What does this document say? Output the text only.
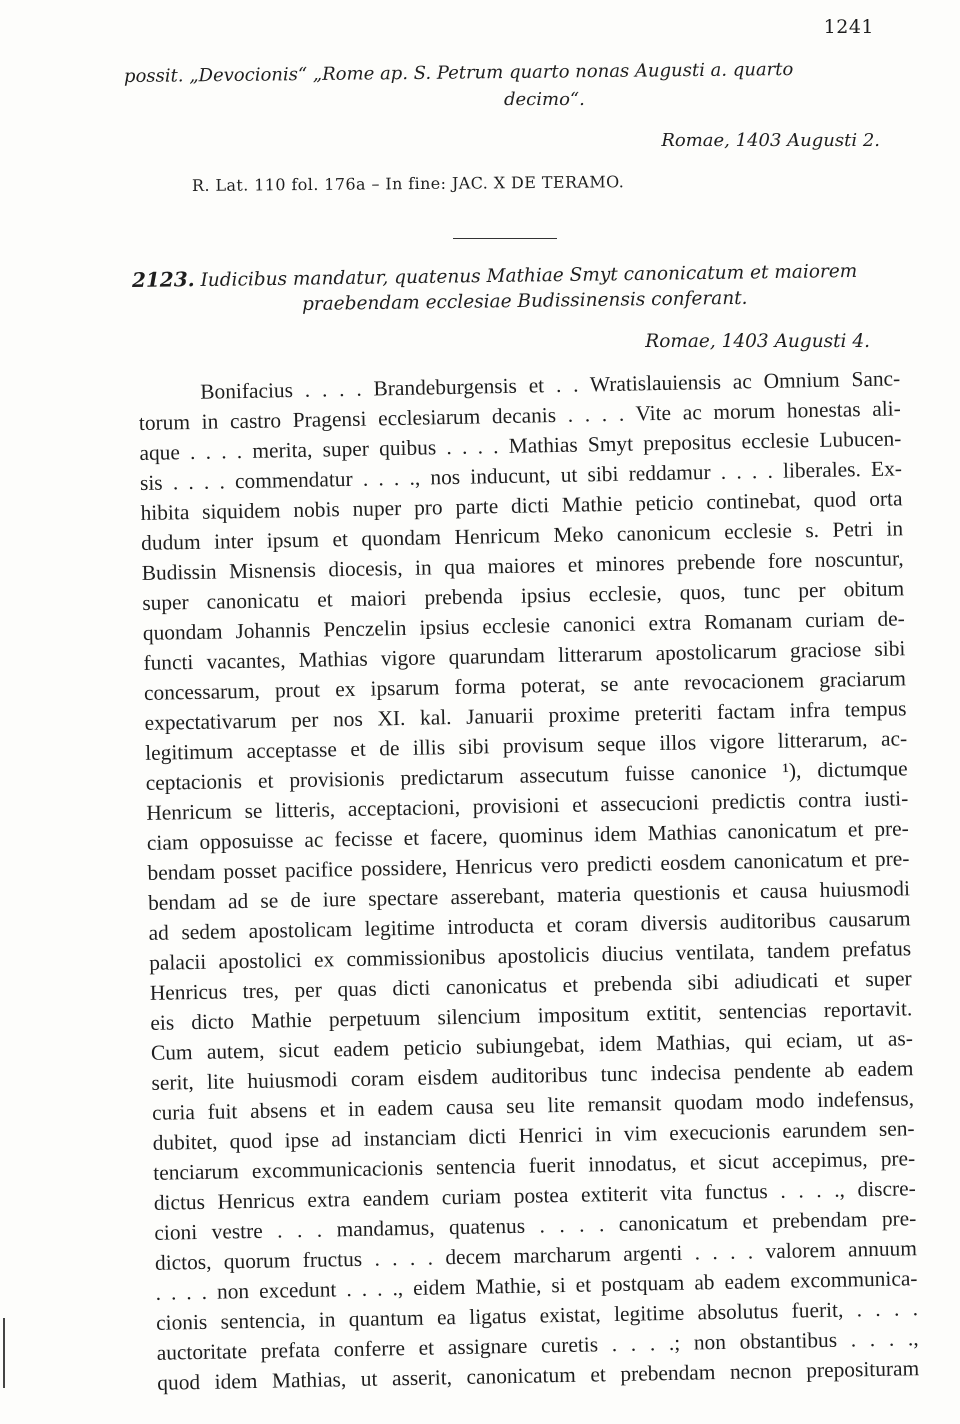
1241

possit. „Devocionis“ „Rome ap. S. Petrum quarto nonas Augusti a. quarto

decimo“.

Romae, 1403 Augusti 2.

R. Lat. 110 fol. 176a – In fine: JAC. X DE TERAMO.

2123. Iudicibus mandatur, quatenus Mathiae Smyt canonicatum et maiorem

praebendam ecclesiae Budissinensis conferant.

Romae, 1403 Augusti 4.

Bonifacius . . . . Brandeburgensis et . . Wratislauiensis ac Omnium Sanc-

torum in castro Pragensi ecclesiarum decanis . . . . Vite ac morum honestas ali-

aque . . . . merita, super quibus . . . . Mathias Smyt prepositus ecclesie Lubucen-

sis . . . . commendatur . . . ., nos inducunt, ut sibi reddamur . . . . liberales. Ex-

hibita siquidem nobis nuper pro parte dicti Mathie peticio continebat, quod orta

dudum inter ipsum et quondam Henricum Meko canonicum ecclesie s. Petri in

Budissin Misnensis diocesis, in qua maiores et minores prebende fore noscuntur,

super canonicatu et maiori prebenda ipsius ecclesie, quos, tunc per obitum

quondam Johannis Penczelin ipsius ecclesie canonici extra Romanam curiam de-

functi vacantes, Mathias vigore quarundam litterarum apostolicarum graciose sibi

concessarum, prout ex ipsarum forma poterat, se ante revocacionem graciarum

expectativarum per nos XI. kal. Januarii proxime preteriti factam infra tempus

legitimum acceptasse et de illis sibi provisum seque illos vigore litterarum, ac-

ceptacionis et provisionis predictarum assecutum fuisse canonice ¹), dictumque

Henricum se litteris, acceptacioni, provisioni et assecucioni predictis contra iusti-

ciam opposuisse ac fecisse et facere, quominus idem Mathias canonicatum et pre-

bendam posset pacifice possidere, Henricus vero predicti eosdem canonicatum et pre-

bendam ad se de iure spectare asserebant, materia questionis et causa huiusmodi

ad sedem apostolicam legitime introducta et coram diversis auditoribus causarum

palacii apostolici ex commissionibus apostolicis diucius ventilata, tandem prefatus

Henricus tres, per quas dicti canonicatus et prebenda sibi adiudicati et super

eis dicto Mathie perpetuum silencium impositum extitit, sentencias reportavit.

Cum autem, sicut eadem peticio subiungebat, idem Mathias, qui eciam, ut as-

serit, lite huiusmodi coram eisdem auditoribus tunc indecisa pendente ab eadem

curia fuit absens et in eadem causa seu lite remansit quodam modo indefensus,

dubitet, quod ipse ad instanciam dicti Henrici in vim execucionis earundem sen-

tenciarum excommunicacionis sentencia fuerit innodatus, et sicut accepimus, pre-

dictus Henricus extra eandem curiam postea extiterit vita functus . . . ., discre-

cioni vestre . . . mandamus, quatenus . . . . canonicatum et prebendam pre-

dictos, quorum fructus . . . . decem marcharum argenti . . . . valorem annuum

. . . . non excedunt . . . ., eidem Mathie, si et postquam ab eadem excommunica-

cionis sentencia, in quantum ea ligatus existat, legitime absolutus fuerit, . . . .

auctoritate prefata conferre et assignare curetis . . . .; non obstantibus . . . .,

quod idem Mathias, ut asserit, canonicatum et prebendam necnon preposituram
